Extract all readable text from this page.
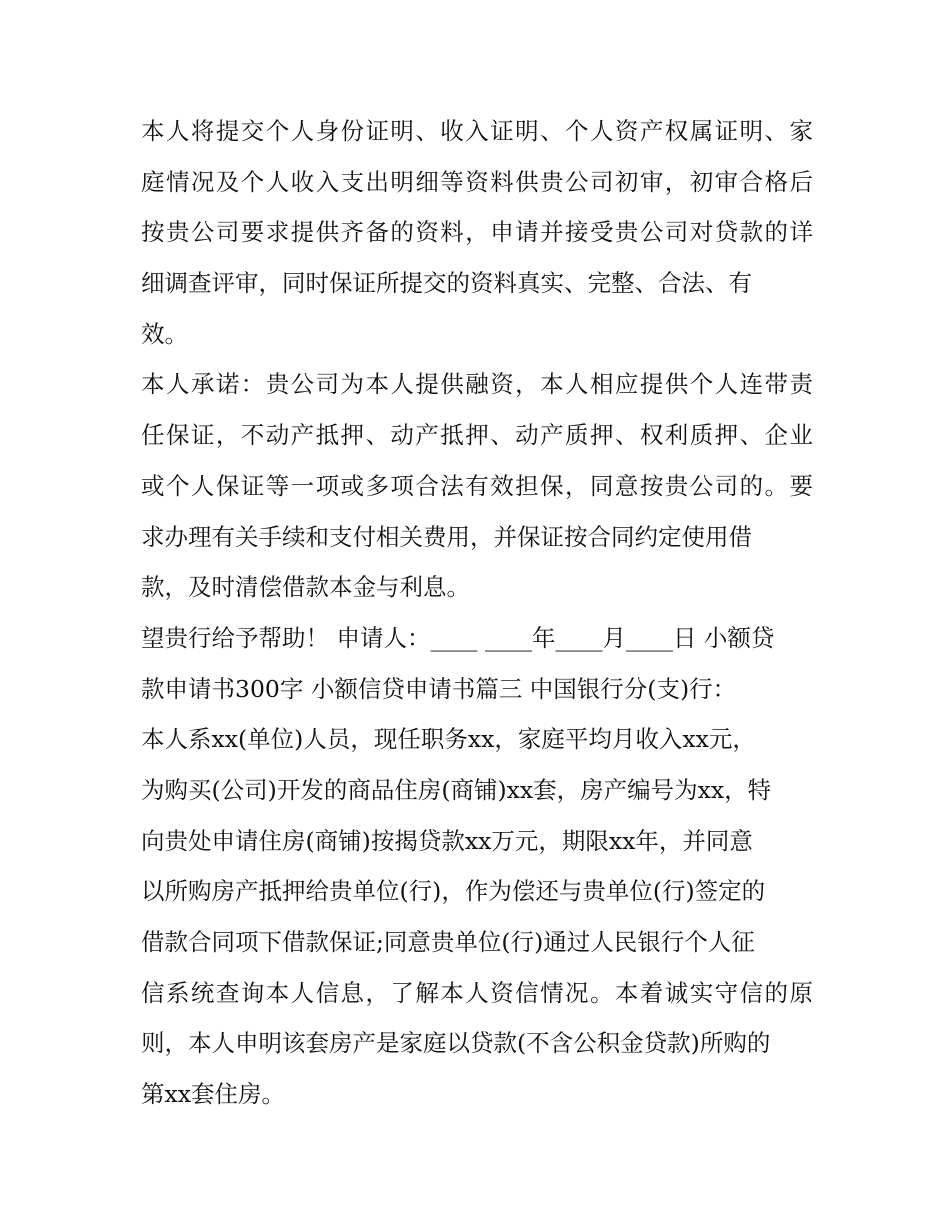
本人将提交个人身份证明、收入证明、个人资产权属证明、家
庭情况及个人收入支出明细等资料供贵公司初审，初审合格后
按贵公司要求提供齐备的资料，申请并接受贵公司对贷款的详
细调查评审，同时保证所提交的资料真实、完整、合法、有
效。
本人承诺：贵公司为本人提供融资，本人相应提供个人连带责
任保证，不动产抵押、动产抵押、动产质押、权利质押、企业
或个人保证等一项或多项合法有效担保，同意按贵公司的。要
求办理有关手续和支付相关费用，并保证按合同约定使用借
款，及时清偿借款本金与利息。
望贵行给予帮助！ 申请人：____ ____年____月____日 小额贷
款申请书300字 小额信贷申请书篇三 中国银行分(支)行：
本人系xx(单位)人员，现任职务xx，家庭平均月收入xx元，
为购买(公司)开发的商品住房(商铺)xx套，房产编号为xx，特
向贵处申请住房(商铺)按揭贷款xx万元，期限xx年，并同意
以所购房产抵押给贵单位(行)，作为偿还与贵单位(行)签定的
借款合同项下借款保证;同意贵单位(行)通过人民银行个人征
信系统查询本人信息，了解本人资信情况。本着诚实守信的原
则，本人申明该套房产是家庭以贷款(不含公积金贷款)所购的
第xx套住房。
